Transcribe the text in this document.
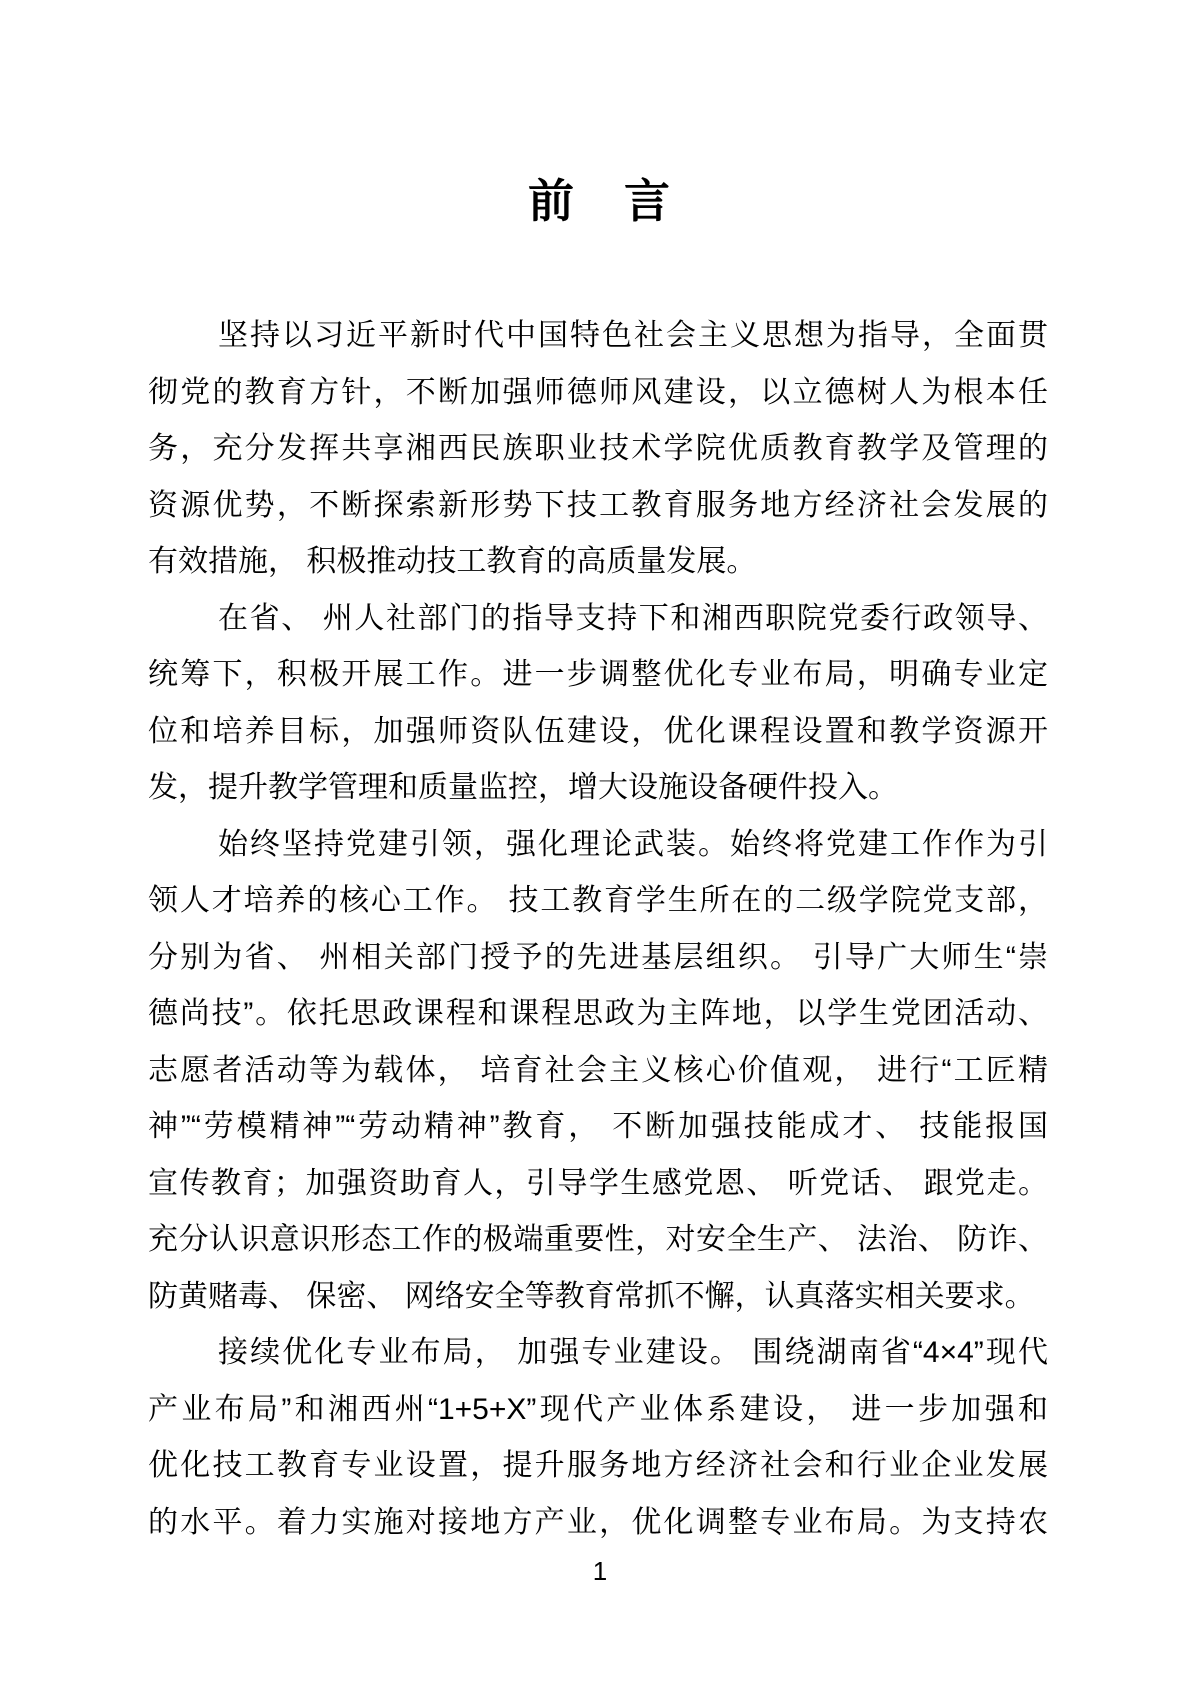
前　言
坚持以习近平新时代中国特色社会主义思想为指导，全面贯
彻党的教育方针，不断加强师德师风建设，以立德树人为根本任
务，充分发挥共享湘西民族职业技术学院优质教育教学及管理的
资源优势，不断探索新形势下技工教育服务地方经济社会发展的
有效措施， 积极推动技工教育的高质量发展。
在省、 州人社部门的指导支持下和湘西职院党委行政领导、
统筹下，积极开展工作。进一步调整优化专业布局，明确专业定
位和培养目标，加强师资队伍建设，优化课程设置和教学资源开
发，提升教学管理和质量监控，增大设施设备硬件投入。
始终坚持党建引领，强化理论武装。始终将党建工作作为引
领人才培养的核心工作。 技工教育学生所在的二级学院党支部，
分别为省、 州相关部门授予的先进基层组织。 引导广大师生“崇
德尚技”。依托思政课程和课程思政为主阵地，以学生党团活动、
志愿者活动等为载体， 培育社会主义核心价值观， 进行“工匠精
神”“劳模精神”“劳动精神”教育， 不断加强技能成才、 技能报国
宣传教育；加强资助育人，引导学生感党恩、 听党话、 跟党走。
充分认识意识形态工作的极端重要性，对安全生产、 法治、 防诈、
防黄赌毒、 保密、 网络安全等教育常抓不懈，认真落实相关要求。
接续优化专业布局， 加强专业建设。 围绕湖南省“4×4”现代
产业布局”和湘西州“1+5+X”现代产业体系建设， 进一步加强和
优化技工教育专业设置，提升服务地方经济社会和行业企业发展
的水平。着力实施对接地方产业，优化调整专业布局。为支持农
1
